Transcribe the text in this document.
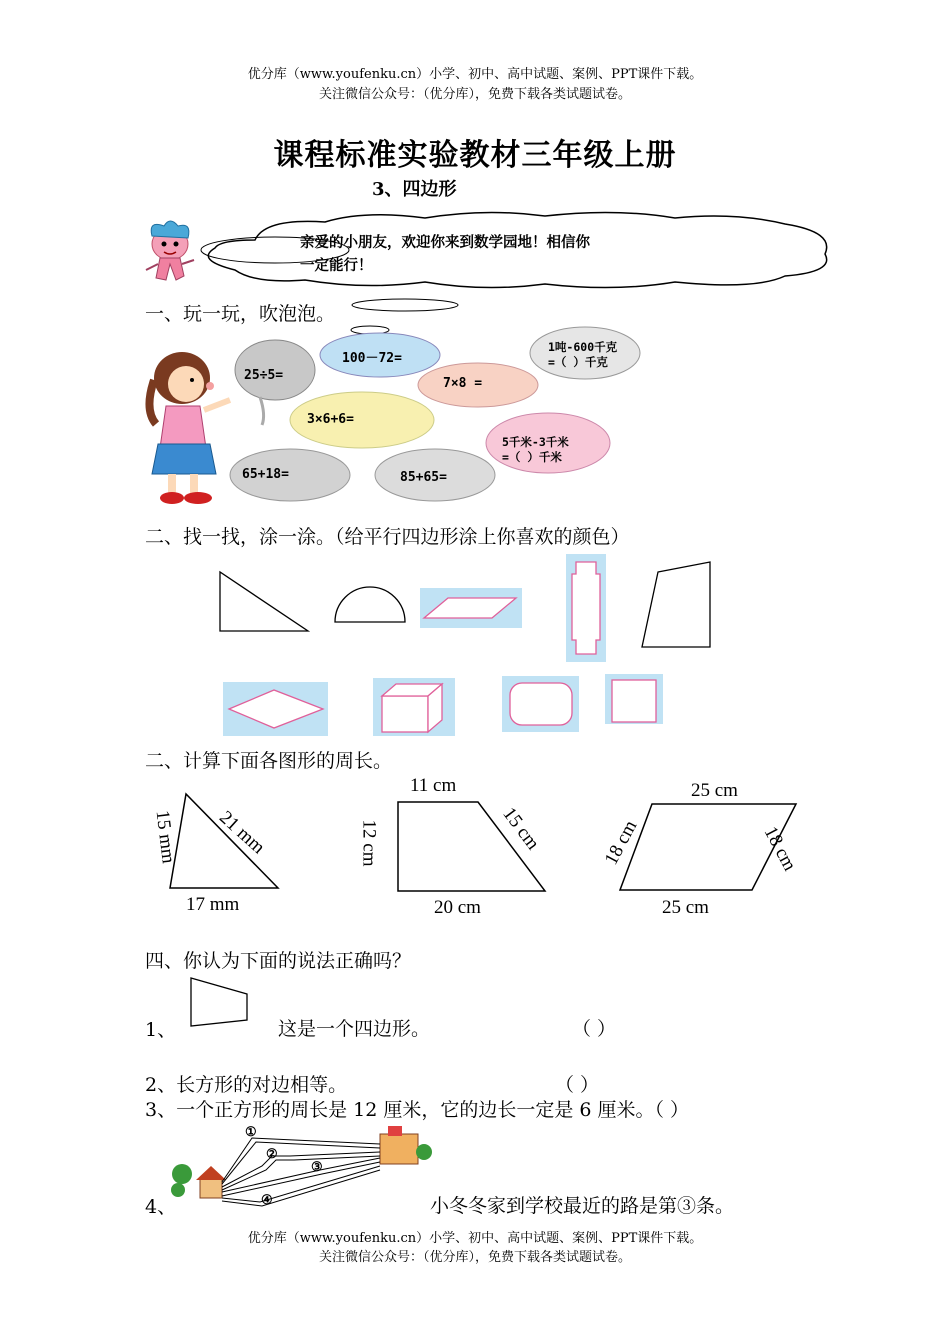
优分库（www.youfenku.cn）小学、初中、高中试题、案例、PPT课件下载。
关注微信公众号：（优分库），免费下载各类试题试卷。
课程标准实验教材三年级上册
3、四边形
亲爱的小朋友，欢迎你来到数学园地！相信你
一定能行！
一、玩一玩，吹泡泡。
25÷5=
100－72=
1吨-600千克
=（ ）千克
7×8 =
3×6+6=
5千米-3千米
=（ ）千米
65+18=	85+65=
二、找一找，涂一涂。（给平行四边形涂上你喜欢的颜色）
二、计算下面各图形的周长。
15 mm 21 mm
17 mm
11 cm
12 cm	15 cm
20 cm
25 cm
18 cm	18 cm
25 cm
四、你认为下面的说法正确吗？
1、	这是一个四边形。	（ ）
2、长方形的对边相等。	（ ）
3、一个正方形的周长是 12 厘米，它的边长一定是 6 厘米。（ ）
4、
①
②
③
④	小冬冬家到学校最近的路是第③条。
优分库（www.youfenku.cn）小学、初中、高中试题、案例、PPT课件下载。
关注微信公众号：（优分库），免费下载各类试题试卷。
